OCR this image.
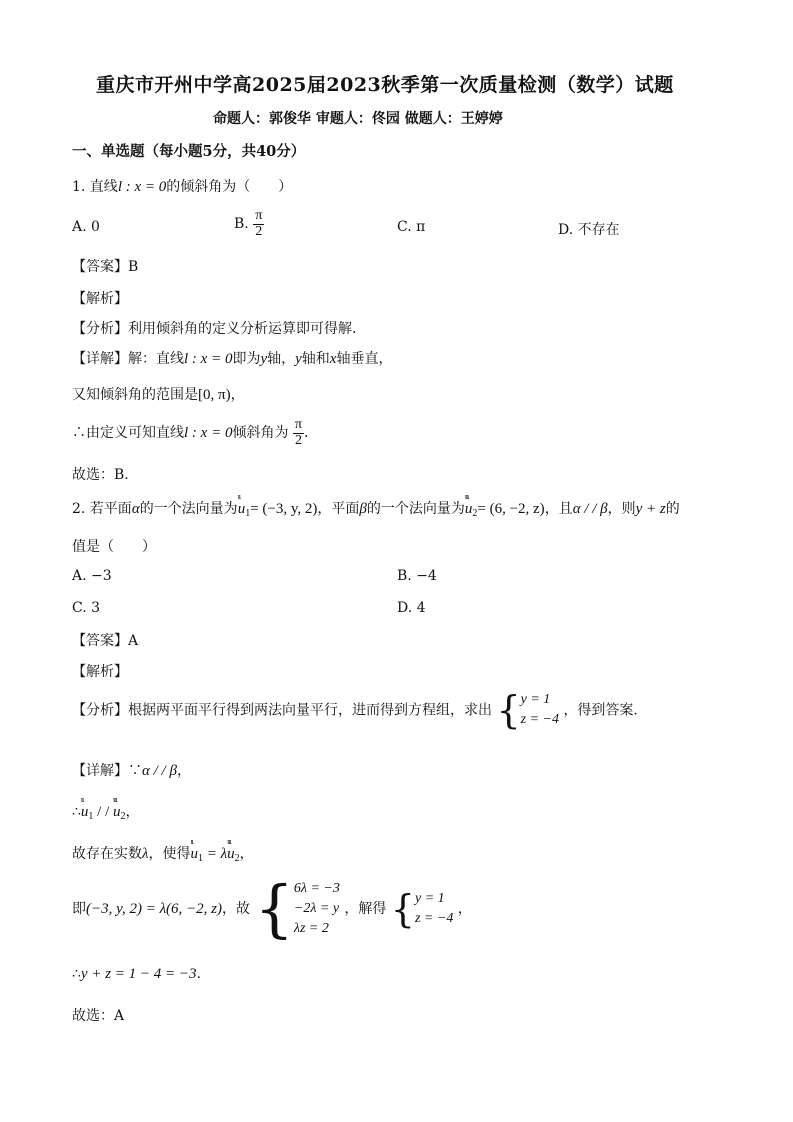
重庆市开州中学高2025届2023秋季第一次质量检测（数学）试题
命题人：郭俊华 审题人：佟园 做题人：王婷婷
一、单选题（每小题5分，共40分）
1. 直线l : x = 0的倾斜角为（　　）
A. 0	B. $\frac{\pi}{2}$	C. π	D. 不存在
【答案】B
【解析】
【分析】利用倾斜角的定义分析运算即可得解.
【详解】解：直线l : x = 0即为y轴，y轴和x轴垂直，
又知倾斜角的范围是[0, π)，
∴由定义可知直线l : x = 0倾斜角为 $\frac{\pi}{2}$ .
故选：B.
2. 若平面α的一个法向量为
ιι
$u_1= (-3$, y, 2)，平面β的一个法向量为
ιιι
$u_2= (6$, −2, z)，且α / / β，则y + z的
值是（　　）
A. −3	B. −4
C. 3	D. 4
【答案】A
【解析】
【分析】根据两平面平行得到两法向量平行，进而得到方程组，求出 { y = 1
z = −4
，得到答案.
【详解】∵α / / β，
∴
ιι
$u_1$ / /
ιιι
$u_2$，
故存在实数λ，使得
ιι
$u_1 = \lambda$
ιιι
$u_2$，
即(−3, y, 2) = λ(6, −2, z)，故 { 6λ = −3
−2λ = y
λz = 2
，解得 { y = 1
z = −4
，
∴y + z = 1 − 4 = −3.
故选：A
